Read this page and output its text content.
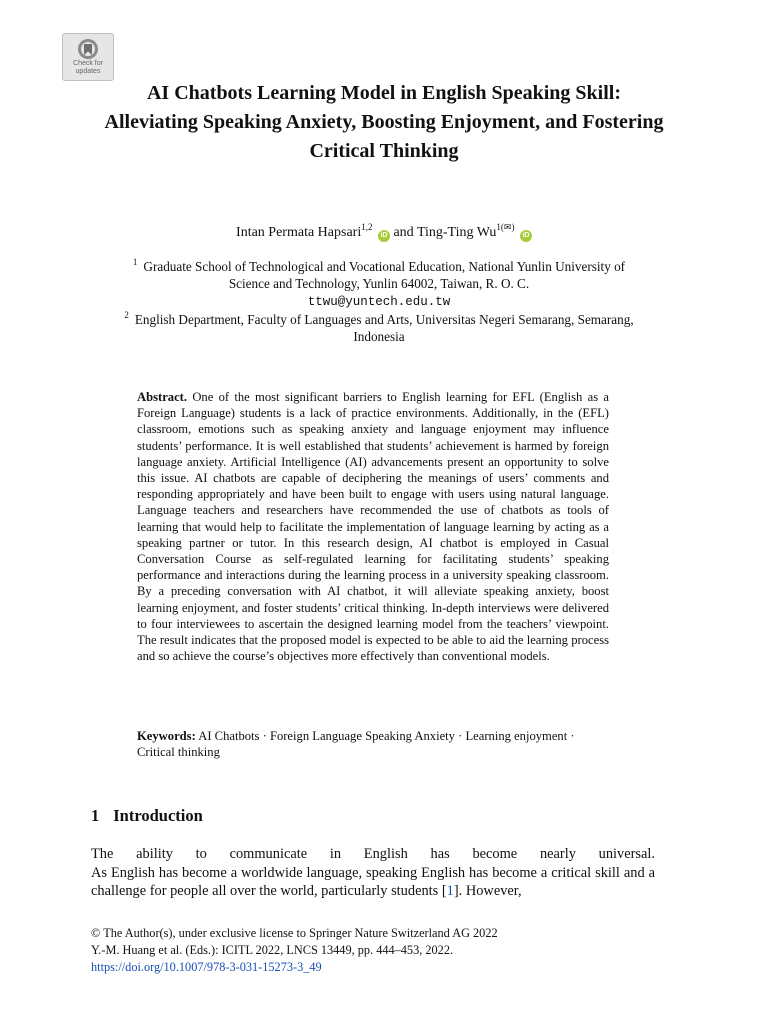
Check for
updates
AI Chatbots Learning Model in English Speaking Skill: Alleviating Speaking Anxiety, Boosting Enjoyment, and Fostering Critical Thinking
Intan Permata Hapsari$^{1,2}$ iD and Ting-Ting $Wu^{1(✉)}$ iD
$^1$ Graduate School of Technological and Vocational Education, National Yunlin University of
Science and Technology, Yunlin 64002, Taiwan, R. O. C.
ttwu@yuntech.edu.tw
$^2$ English Department, Faculty of Languages and Arts, Universitas Negeri Semarang, Semarang,
Indonesia

Abstract. One of the most significant barriers to English learning for EFL (English as a Foreign Language) students is a lack of practice environments. Additionally, in the (EFL) classroom, emotions such as speaking anxiety and language enjoyment may influence students’ performance. It is well established that students’ achievement is harmed by foreign language anxiety. Artificial Intelligence (AI) advancements present an opportunity to solve this issue. AI chatbots are capable of deciphering the meanings of users’ comments and responding appropriately and have been built to engage with users using natural language. Language teachers and researchers have recommended the use of chatbots as tools of learning that would help to facilitate the implementation of language learning by acting as a speaking partner or tutor. In this research design, AI chatbot is employed in Casual Conversation Course as self-regulated learning for facilitating students’ speaking performance and interactions during the learning process in a university speaking classroom. By a preceding conversation with AI chatbot, it will alleviate speaking anxiety, boost learning enjoyment, and foster students’ critical thinking. In-depth interviews were delivered to four interviewees to ascertain the designed learning model from the teachers’ viewpoint. The result indicates that the proposed model is expected to be able to aid the learning process and so achieve the course’s objectives more effectively than conventional models.

Keywords: AI Chatbots · Foreign Language Speaking Anxiety · Learning enjoyment · Critical thinking

1 Introduction

The ability to communicate in English has become nearly universal.
As English has become a worldwide language, speaking English has become a critical skill and a challenge for people all over the world, particularly students [1]. However,

© The Author(s), under exclusive license to Springer Nature Switzerland AG 2022
Y.-M. Huang et al. (Eds.): ICITL 2022, LNCS 13449, pp. 444–453, 2022.
https://doi.org/10.1007/978-3-031-15273-3_49
